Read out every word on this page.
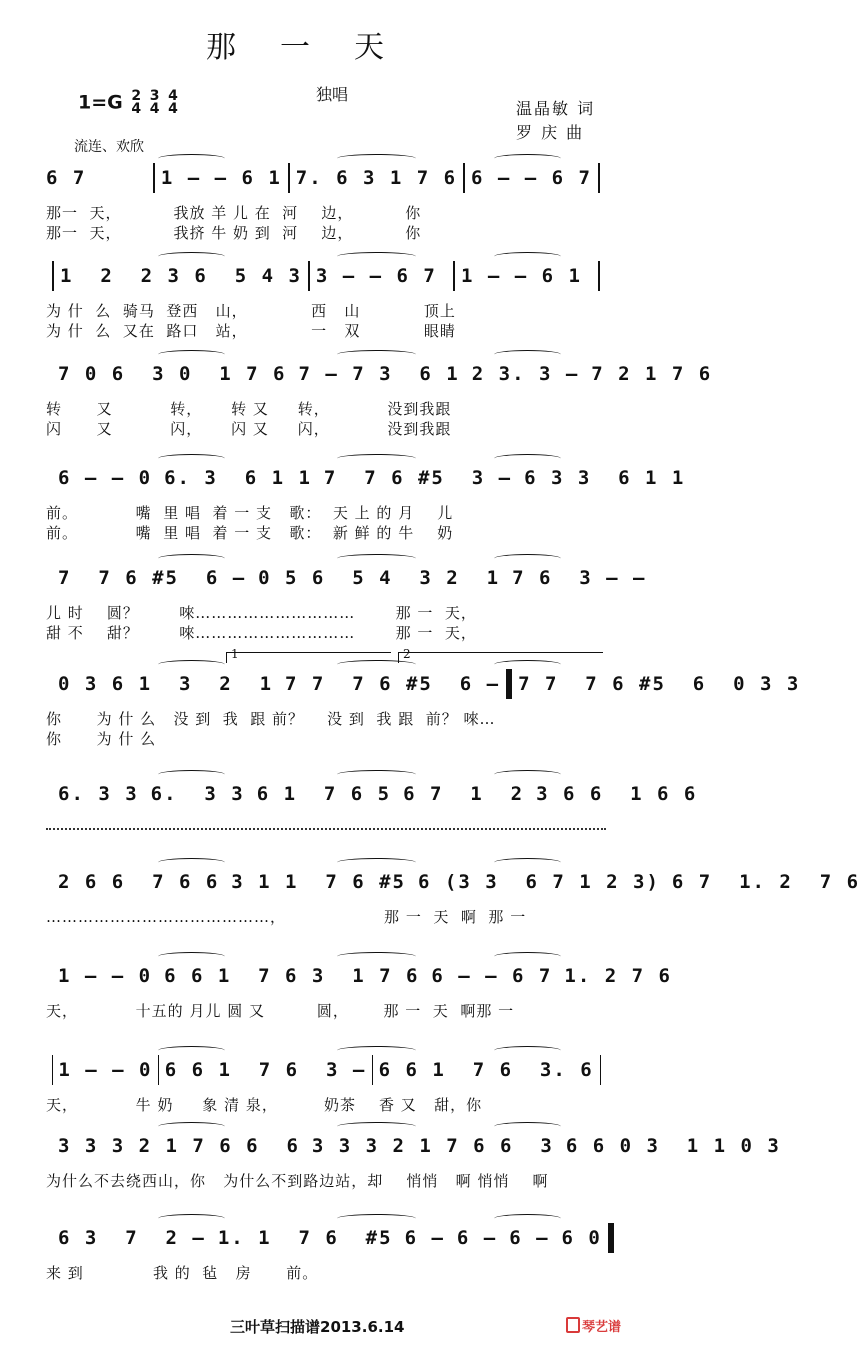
那一天
1=G 2
4 3
4 4
4
独唱
温晶敏 词
罗 庆 曲
流连、欢欣
6 7	1 — — 6 1 7. 6 3 1 7 6 6 — — 6 7
那一  天，         我放 羊 儿 在  河    边，         你
那一  天，         我挤 牛 奶 到  河    边，         你
1  2  2 3 6  5 4 3 3 — — 6 7	1 — — 6 1
为 什  么  骑马  登西   山，           西   山           顶上
为 什  么  又在  路口   站，           一   双           眼睛
7 0 6  3 0  1 7 6 7 — 7 3  6 1 2 3. 3 — 7 2 1 7 6
转      又          转，     转 又     转，          没到我跟
闪      又          闪，     闪 又     闪，          没到我跟
6 — — 0 6. 3  6 1 1 7  7 6 #5  3 — 6 3 3  6 1 1
前。          嘴  里 唱  着 一 支   歌：  天 上 的 月    儿
前。          嘴  里 唱  着 一 支   歌：  新 鲜 的 牛    奶
7  7 6 #5  6 — 0 5 6  5 4  3 2  1 7 6  3 — —
儿 时    圆？       唻…………………………       那 一  天，
甜 不    甜？       唻…………………………       那 一  天，
0 3 6 1  3  2  1 7 7  7 6 #5  6 — 7 7  7 6 #5  6  0 3 3
1	2
你      为 什 么   没 到  我  跟 前？    没 到  我 跟  前？ 唻…
你      为 什 么
6. 3 3 6.  3 3 6 1  7 6 5 6 7  1  2 3 6 6  1 6 6
2 6 6  7 6 6 3 1 1  7 6 #5 6 (3 3  6 7 1 2 3) 6 7  1. 2  7 6
……………………………………，                 那 一  天  啊  那 一
1 — — 0 6 6 1  7 6 3  1 7 6 6 — — 6 7 1. 2 7 6
天，          十五的 月儿 圆 又         圆，      那 一  天  啊那 一
1 — — 0 6 6 1  7 6  3 — 6 6 1  7 6  3. 6
天，          牛 奶     象 清 泉，        奶茶    香 又   甜，你
3 3 3 2 1 7 6 6  6 3 3 3 2 1 7 6 6  3 6 6 0 3  1 1 0 3
为什么不去绕西山，你   为什么不到路边站，却    悄悄   啊 悄悄    啊
6 3  7  2 — 1. 1  7 6  #5 6 — 6 — 6 — 6 0
来 到            我 的  毡   房      前。
三叶草扫描谱2013.6.14	琴艺谱
